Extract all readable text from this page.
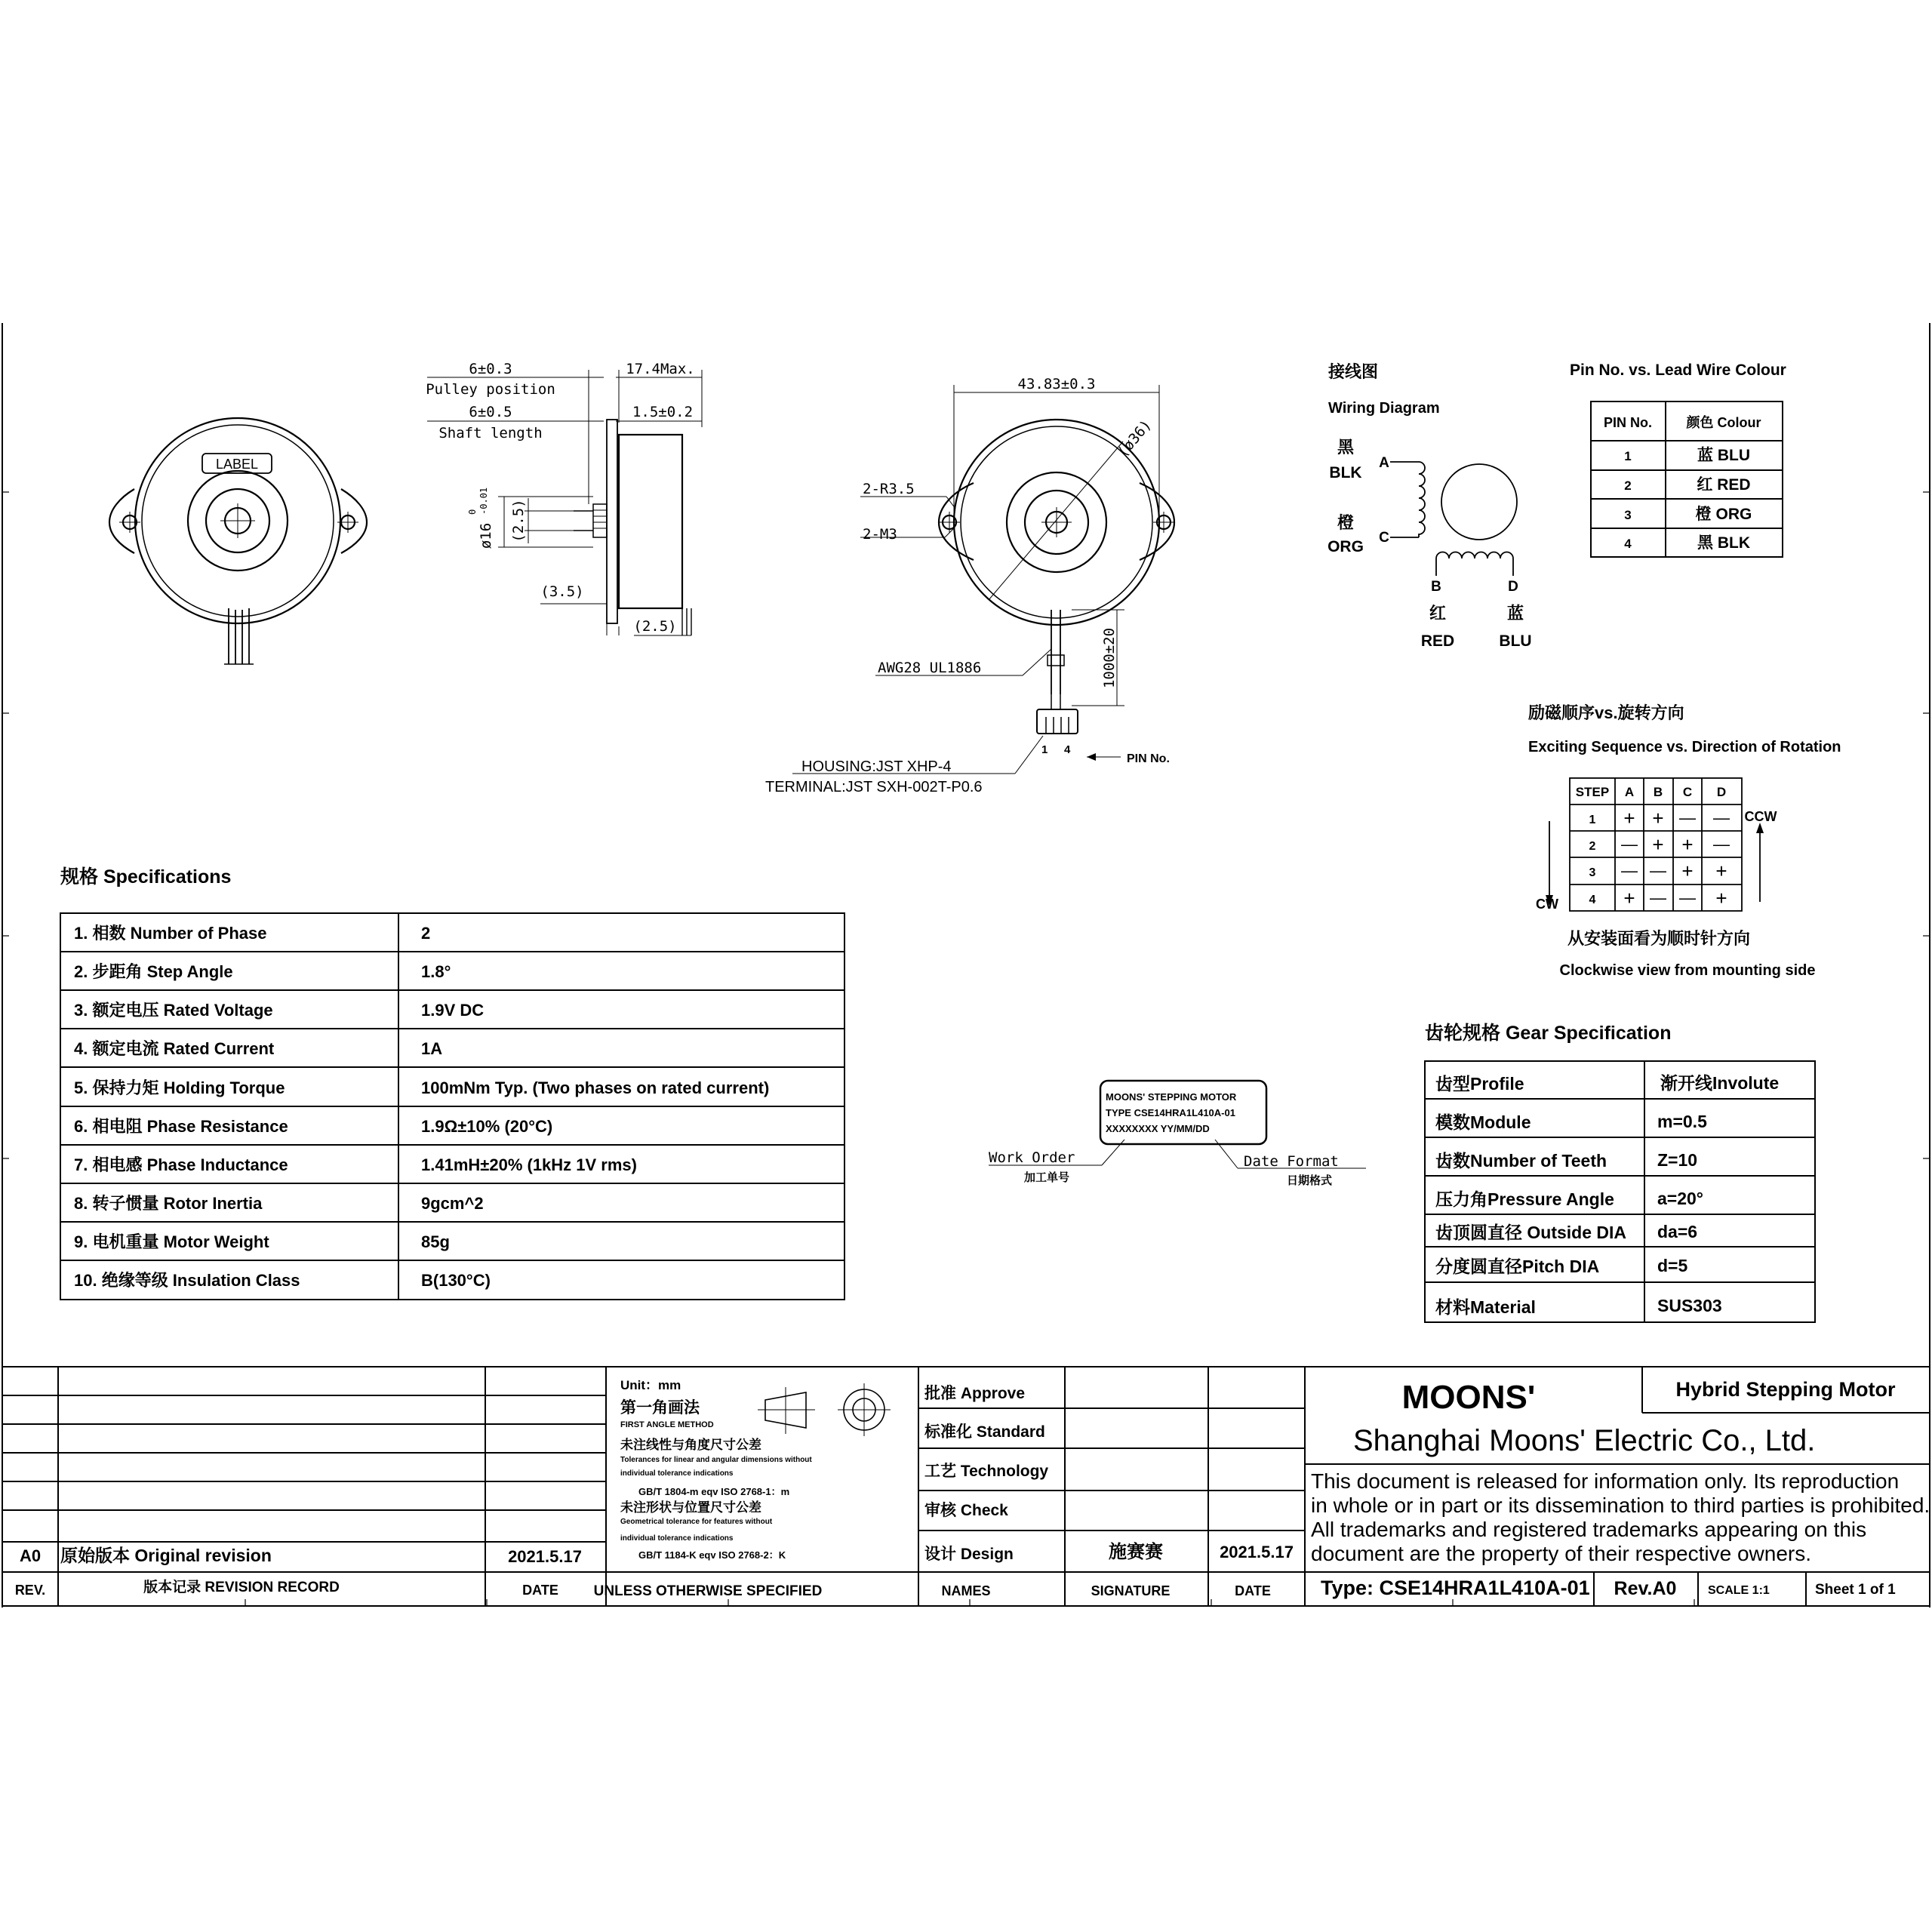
LABEL
6±0.3
Pulley position
17.4Max.
6±0.5
Shaft length
1.5±0.2
ø16
0 -0.01 (2.5)
(3.5)
(2.5)
43.83±0.3
(ø36)
2-R3.5
2-M3
AWG28 UL1886	1000±20
HOUSING:JST XHP-4
TERMINAL:JST SXH-002T-P0.6
1 4
PIN No.
接线图
Wiring Diagram
黑
BLK
A
橙
ORG
C
B
红
RED
D
蓝
BLU
Pin No. vs. Lead Wire Colour
PIN No.	颜色 Colour
1	蓝 BLU
2	红 RED
3	橙 ORG
4	黑 BLK
励磁顺序vs.旋转方向
Exciting Sequence vs. Direction of Rotation
STEP A B C D
1 + + — —
2 — + + —
3 — — + +
4 + — — +
CW
CCW
从安装面看为顺时针方向
Clockwise view from mounting side
规格 Specifications
1. 相数 Number of Phase	2
2. 步距角 Step Angle	1.8°
3. 额定电压 Rated Voltage	1.9V DC
4. 额定电流 Rated Current	1A
5. 保持力矩 Holding Torque	100mNm Typ. (Two phases on rated current)
6. 相电阻 Phase Resistance	1.9Ω±10% (20°C)
7. 相电感 Phase Inductance	1.41mH±20% (1kHz 1V rms)
8. 转子惯量 Rotor Inertia	9gcm^2
9. 电机重量 Motor Weight	85g
10. 绝缘等级 Insulation Class	B(130°C)
MOONS' STEPPING MOTOR
TYPE CSE14HRA1L410A-01
XXXXXXXX YY/MM/DD
Work Order
加工单号
Date Format
日期格式
齿轮规格 Gear Specification
齿型Profile	渐开线Involute
模数Module	m=0.5
齿数Number of Teeth	Z=10
压力角Pressure Angle a=20°
齿顶圆直径 Outside DIA da=6
分度圆直径Pitch DIA	d=5
材料Material	SUS303
A0 原始版本 Original revision	2021.5.17
REV.	版本记录 REVISION RECORD	DATE
Unit：mm
第一角画法
FIRST ANGLE METHOD
未注线性与角度尺寸公差
Tolerances for linear and angular dimensions without
individual tolerance indications
GB/T 1804-m eqv ISO 2768-1：m
未注形状与位置尺寸公差
Geometrical tolerance for features without
individual tolerance indications
GB/T 1184-K eqv ISO 2768-2：K
UNLESS OTHERWISE SPECIFIED
批准 Approve
标准化 Standard
工艺 Technology
审核 Check
设计 Design	施赛赛	2021.5.17
NAMES	SIGNATURE	DATE
MOONS'	Hybrid Stepping Motor
Shanghai Moons' Electric Co., Ltd.
This document is released for information only. Its reproduction
in whole or in part or its dissemination to third parties is prohibited.
All trademarks and registered trademarks appearing on this
document are the property of their respective owners.
Type: CSE14HRA1L410A-01 Rev.A0	SCALE 1:1	Sheet 1 of 1
